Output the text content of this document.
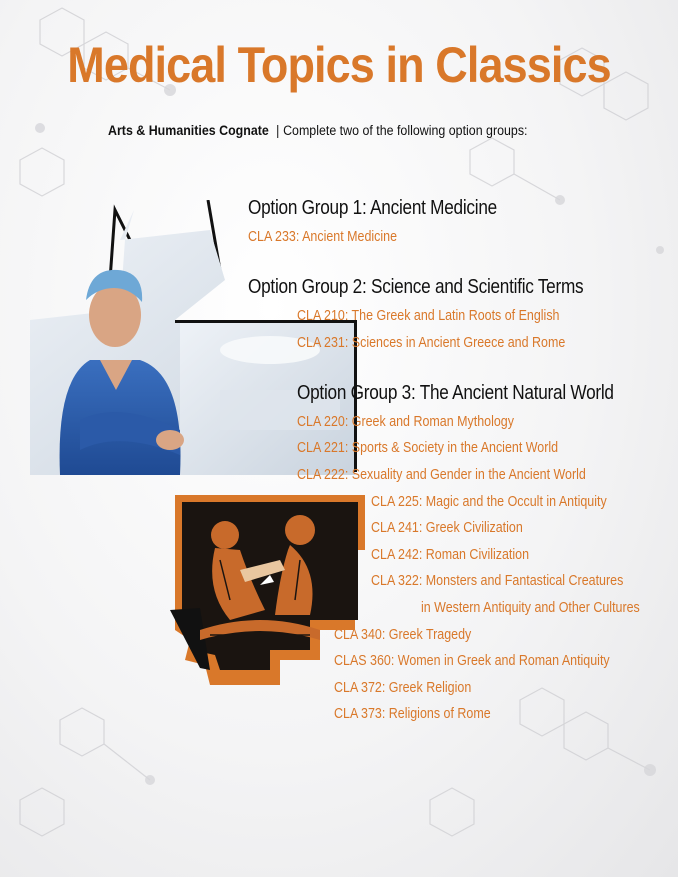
Medical Topics in Classics
Arts & Humanities Cognate | Complete two of the following option groups:
Option Group 1: Ancient Medicine
CLA 233: Ancient Medicine
Option Group 2: Science and Scientific Terms
CLA 210: The Greek and Latin Roots of English
CLA 231: Sciences in Ancient Greece and Rome
Option Group 3: The Ancient Natural World
CLA 220: Greek and Roman Mythology
CLA 221: Sports & Society in the Ancient World
CLA 222: Sexuality and Gender in the Ancient World
CLA 225: Magic and the Occult in Antiquity
CLA 241: Greek Civilization
CLA 242: Roman Civilization
CLA 322: Monsters and Fantastical Creatures
in Western Antiquity and Other Cultures
CLA 340: Greek Tragedy
CLAS 360: Women in Greek and Roman Antiquity
CLA 372: Greek Religion
CLA 373: Religions of Rome
